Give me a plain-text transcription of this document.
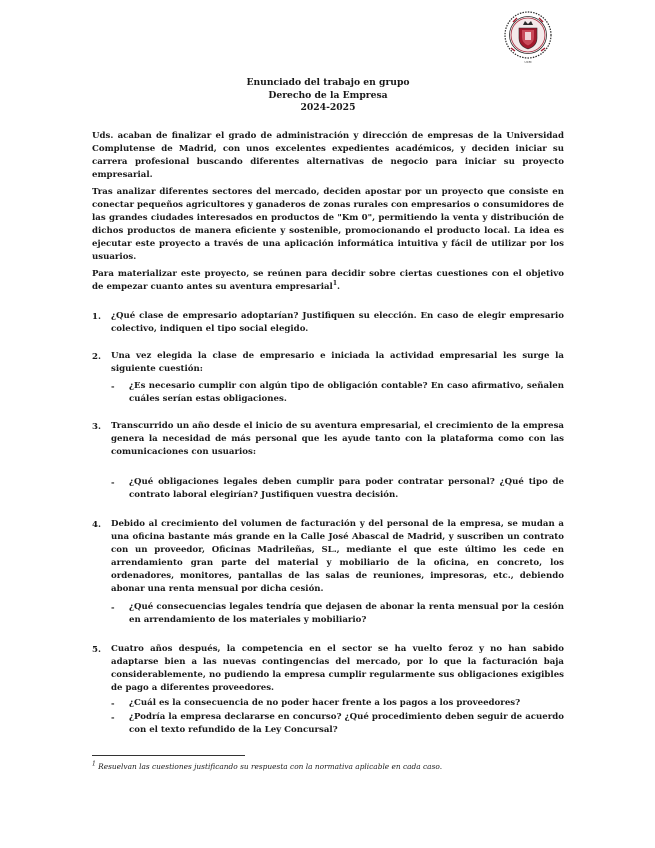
UCM
Enunciado del trabajo en grupo
Derecho de la Empresa
2024-2025
Uds. acaban de finalizar el grado de administración y dirección de empresas de la Universidad Complutense de Madrid, con unos excelentes expedientes académicos, y deciden iniciar su carrera profesional buscando diferentes alternativas de negocio para iniciar su proyecto empresarial.
Tras analizar diferentes sectores del mercado, deciden apostar por un proyecto que consiste en conectar pequeños agricultores y ganaderos de zonas rurales con empresarios o consumidores de las grandes ciudades interesados en productos de "Km 0", permitiendo la venta y distribución de dichos productos de manera eficiente y sostenible, promocionando el producto local. La idea es ejecutar este proyecto a través de una aplicación informática intuitiva y fácil de utilizar por los usuarios.
Para materializar este proyecto, se reúnen para decidir sobre ciertas cuestiones con el objetivo de empezar cuanto antes su aventura empresarial$^1$.
1. ¿Qué clase de empresario adoptarían? Justifiquen su elección. En caso de elegir empresario colectivo, indiquen el tipo social elegido.
2. Una vez elegida la clase de empresario e iniciada la actividad empresarial les surge la siguiente cuestión:
- ¿Es necesario cumplir con algún tipo de obligación contable? En caso afirmativo, señalen cuáles serían estas obligaciones.
3. Transcurrido un año desde el inicio de su aventura empresarial, el crecimiento de la empresa genera la necesidad de más personal que les ayude tanto con la plataforma como con las comunicaciones con usuarios:
- ¿Qué obligaciones legales deben cumplir para poder contratar personal? ¿Qué tipo de contrato laboral elegirían? Justifiquen vuestra decisión.
4. Debido al crecimiento del volumen de facturación y del personal de la empresa, se mudan a una oficina bastante más grande en la Calle José Abascal de Madrid, y suscriben un contrato con un proveedor, Oficinas Madrileñas, SL., mediante el que este último les cede en arrendamiento gran parte del material y mobiliario de la oficina, en concreto, los ordenadores, monitores, pantallas de las salas de reuniones, impresoras, etc., debiendo abonar una renta mensual por dicha cesión.
- ¿Qué consecuencias legales tendría que dejasen de abonar la renta mensual por la cesión en arrendamiento de los materiales y mobiliario?
5. Cuatro años después, la competencia en el sector se ha vuelto feroz y no han sabido adaptarse bien a las nuevas contingencias del mercado, por lo que la facturación baja considerablemente, no pudiendo la empresa cumplir regularmente sus obligaciones exigibles de pago a diferentes proveedores.
- ¿Cuál es la consecuencia de no poder hacer frente a los pagos a los proveedores?
- ¿Podría la empresa declararse en concurso? ¿Qué procedimiento deben seguir de acuerdo con el texto refundido de la Ley Concursal?
$^1$ Resuelvan las cuestiones justificando su respuesta con la normativa aplicable en cada caso.
